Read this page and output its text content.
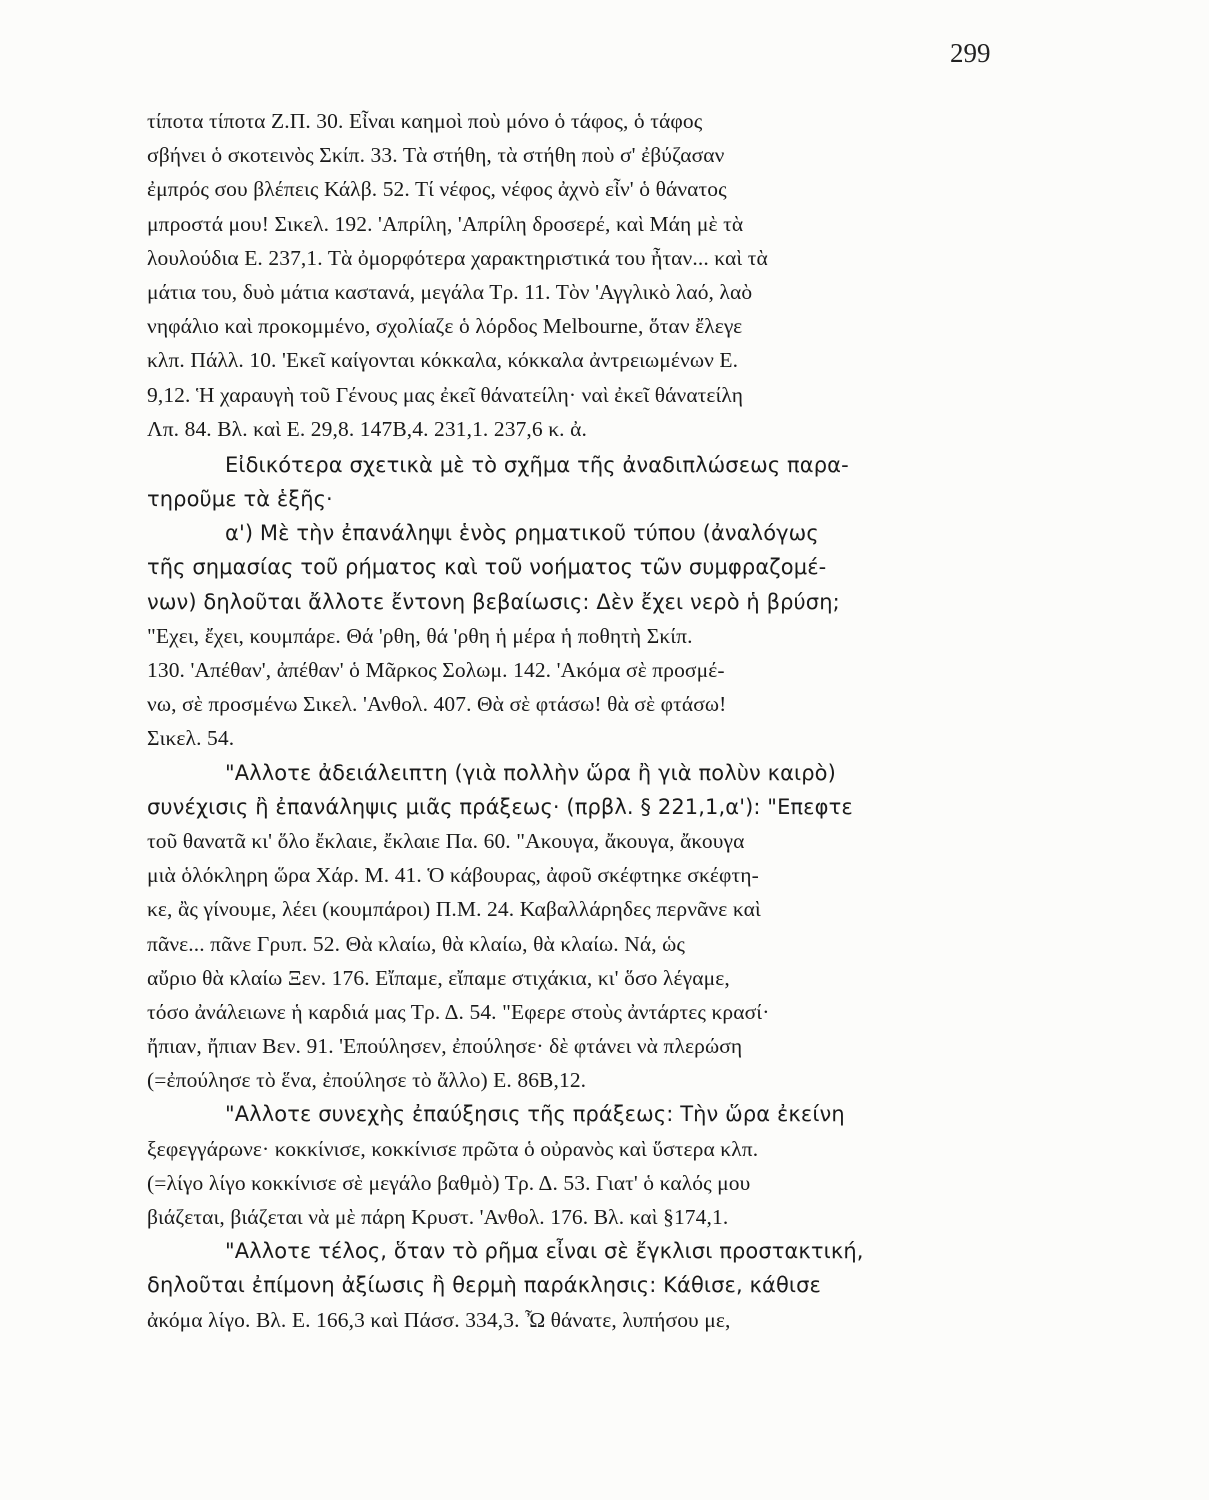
299
τίποτα τίποτα Ζ.Π. 30. Εἶναι καημοὶ ποὺ μόνο ὁ τάφος, ὁ τάφος
σβήνει ὁ σκοτεινὸς Σκίπ. 33. Τὰ στήθη, τὰ στήθη ποὺ σ' ἐβύζασαν
ἐμπρός σου βλέπεις Κάλβ. 52. Τί νέφος, νέφος ἀχνὸ εἶν' ὁ θάνατος
μπροστά μου! Σικελ. 192. 'Απρίλη, 'Απρίλη δροσερέ, καὶ Μάη μὲ τὰ
λουλούδια Ε. 237,1. Τὰ ὀμορφότερα χαρακτηριστικά του ἦταν... καὶ τὰ
μάτια του, δυὸ μάτια καστανά, μεγάλα Τρ. 11. Τὸν 'Αγγλικὸ λαό, λαὸ
νηφάλιο καὶ προκομμένο, σχολίαζε ὁ λόρδος Melbourne, ὅταν ἔλεγε
κλπ. Πάλλ. 10. 'Εκεῖ καίγονται κόκκαλα, κόκκαλα ἀντρειωμένων Ε.
9,12. Ἡ χαραυγὴ τοῦ Γένους μας ἐκεῖ θάνατείλη· ναὶ ἐκεῖ θάνατείλη
Λπ. 84. Βλ. καὶ Ε. 29,8. 147Β,4. 231,1. 237,6 κ. ἀ.
Εἰδικότερα σχετικὰ μὲ τὸ σχῆμα τῆς ἀναδιπλώσεως παρα-
τηροῦμε τὰ ἑξῆς·
α') Μὲ τὴν ἐπανάληψι ἑνὸς ρηματικοῦ τύπου (ἀναλόγως
τῆς σημασίας τοῦ ρήματος καὶ τοῦ νοήματος τῶν συμφραζομέ-
νων) δηλοῦται ἄλλοτε ἔντονη βεβαίωσις: Δὲν ἔχει νερὸ ἡ βρύση;
"Εχει, ἔχει, κουμπάρε. Θά 'ρθη, θά 'ρθη ἡ μέρα ἡ ποθητὴ Σκίπ.
130. 'Απέθαν', ἀπέθαν' ὁ Μᾶρκος Σολωμ. 142. 'Ακόμα σὲ προσμέ-
νω, σὲ προσμένω Σικελ. 'Ανθολ. 407. Θὰ σὲ φτάσω! θὰ σὲ φτάσω!
Σικελ. 54.
"Αλλοτε ἀδειάλειπτη (γιὰ πολλὴν ὥρα ἢ γιὰ πολὺν καιρὸ)
συνέχισις ἢ ἐπανάληψις μιᾶς πράξεως· (πρβλ. § 221,1,α'): "Επεφτε
τοῦ θανατᾶ κι' ὅλο ἔκλαιε, ἔκλαιε Πα. 60. "Ακουγα, ἄκουγα, ἄκουγα
μιὰ ὁλόκληρη ὥρα Χάρ. Μ. 41. Ὁ κάβουρας, ἀφοῦ σκέφτηκε σκέφτη-
κε, ἂς γίνουμε, λέει (κουμπάροι) Π.Μ. 24. Καβαλλάρηδες περνᾶνε καὶ
πᾶνε... πᾶνε Γρυπ. 52. Θὰ κλαίω, θὰ κλαίω, θὰ κλαίω. Νά, ὡς
αὔριο θὰ κλαίω Ξεν. 176. Εἴπαμε, εἴπαμε στιχάκια, κι' ὅσο λέγαμε,
τόσο ἀνάλειωνε ἡ καρδιά μας Τρ. Δ. 54. "Εφερε στοὺς ἀντάρτες κρασί·
ἤπιαν, ἤπιαν Βεν. 91. 'Επούλησεν, ἐπούλησε· δὲ φτάνει νὰ πλερώση
(=ἐπούλησε τὸ ἕνα, ἐπούλησε τὸ ἄλλο) Ε. 86Β,12.
"Αλλοτε συνεχὴς ἐπαύξησις τῆς πράξεως: Τὴν ὥρα ἐκείνη
ξεφεγγάρωνε· κοκκίνισε, κοκκίνισε πρῶτα ὁ οὐρανὸς καὶ ὕστερα κλπ.
(=λίγο λίγο κοκκίνισε σὲ μεγάλο βαθμὸ) Τρ. Δ. 53. Γιατ' ὁ καλός μου
βιάζεται, βιάζεται νὰ μὲ πάρη Κρυστ. 'Ανθολ. 176. Βλ. καὶ §174,1.
"Αλλοτε τέλος, ὅταν τὸ ρῆμα εἶναι σὲ ἔγκλισι προστακτική,
δηλοῦται ἐπίμονη ἀξίωσις ἢ θερμὴ παράκλησις: Κάθισε, κάθισε
ἀκόμα λίγο. Βλ. Ε. 166,3 καὶ Πάσσ. 334,3. Ὦ θάνατε, λυπήσου με,
